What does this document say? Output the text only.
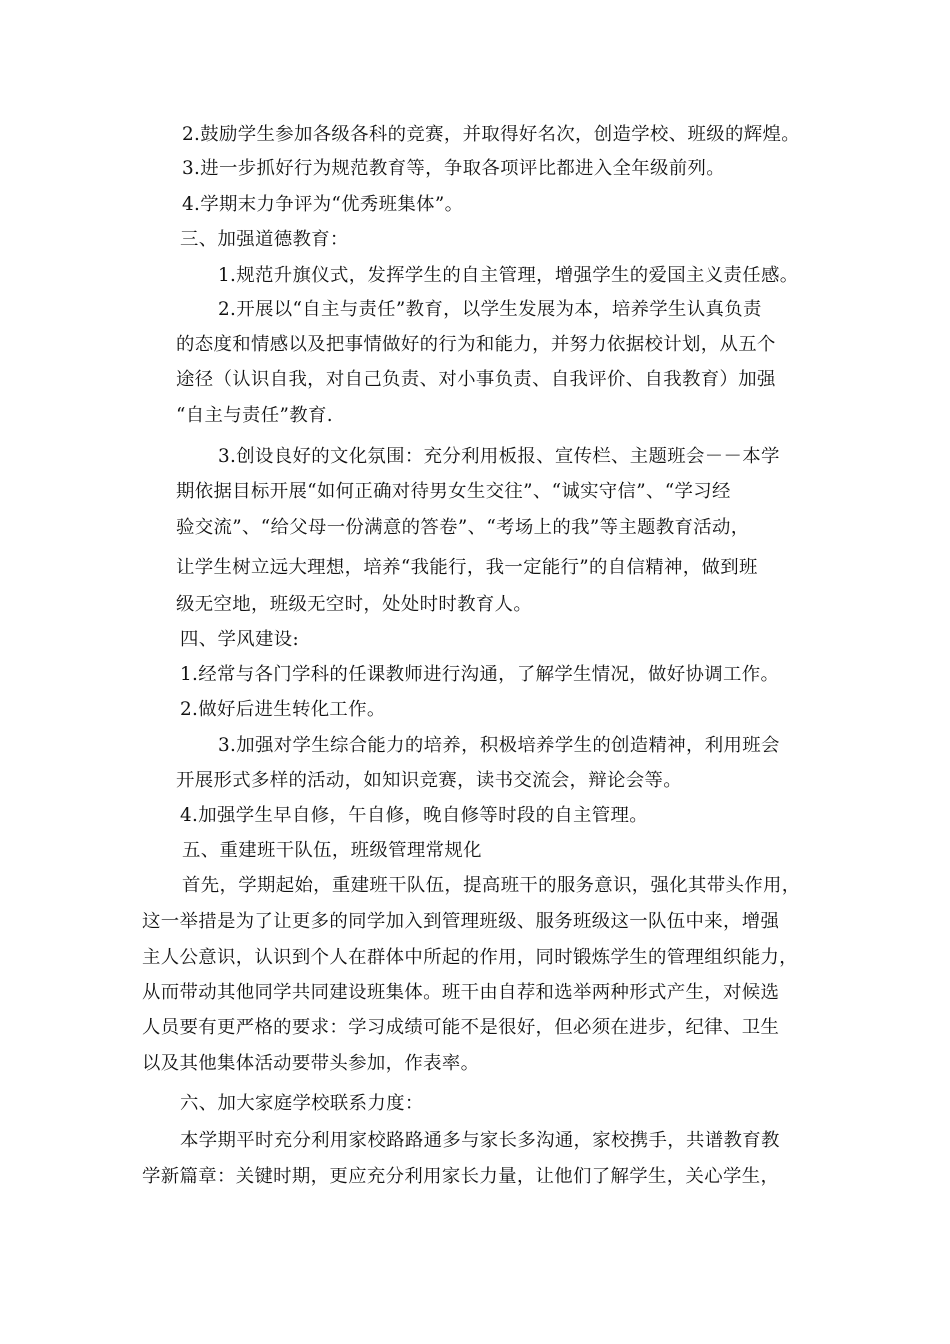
2.鼓励学生参加各级各科的竞赛，并取得好名次，创造学校、班级的辉煌。

3.进一步抓好行为规范教育等，争取各项评比都进入全年级前列。

4.学期末力争评为“优秀班集体”。

三、加强道德教育：

1.规范升旗仪式，发挥学生的自主管理，增强学生的爱国主义责任感。

2.开展以“自主与责任”教育，以学生发展为本，培养学生认真负责

的态度和情感以及把事情做好的行为和能力，并努力依据校计划，从五个

途径（认识自我，对自己负责、对小事负责、自我评价、自我教育）加强

“自主与责任”教育.

3.创设良好的文化氛围：充分利用板报、宣传栏、主题班会－－本学

期依据目标开展“如何正确对待男女生交往”、“诚实守信”、“学习经

验交流”、“给父母一份满意的答卷”、“考场上的我”等主题教育活动，

让学生树立远大理想，培养“我能行，我一定能行”的自信精神，做到班

级无空地，班级无空时，处处时时教育人。

四、学风建设:

1.经常与各门学科的任课教师进行沟通，了解学生情况，做好协调工作。

2.做好后进生转化工作。

3.加强对学生综合能力的培养，积极培养学生的创造精神，利用班会

开展形式多样的活动，如知识竞赛，读书交流会，辩论会等。

4.加强学生早自修，午自修，晚自修等时段的自主管理。

五、重建班干队伍，班级管理常规化

首先，学期起始，重建班干队伍，提高班干的服务意识，强化其带头作用，

这一举措是为了让更多的同学加入到管理班级、服务班级这一队伍中来，增强

主人公意识，认识到个人在群体中所起的作用，同时锻炼学生的管理组织能力，

从而带动其他同学共同建设班集体。班干由自荐和选举两种形式产生，对候选

人员要有更严格的要求：学习成绩可能不是很好，但必须在进步，纪律、卫生

以及其他集体活动要带头参加，作表率。

六、加大家庭学校联系力度：

本学期平时充分利用家校路路通多与家长多沟通，家校携手，共谱教育教

学新篇章：关键时期，更应充分利用家长力量，让他们了解学生，关心学生，
